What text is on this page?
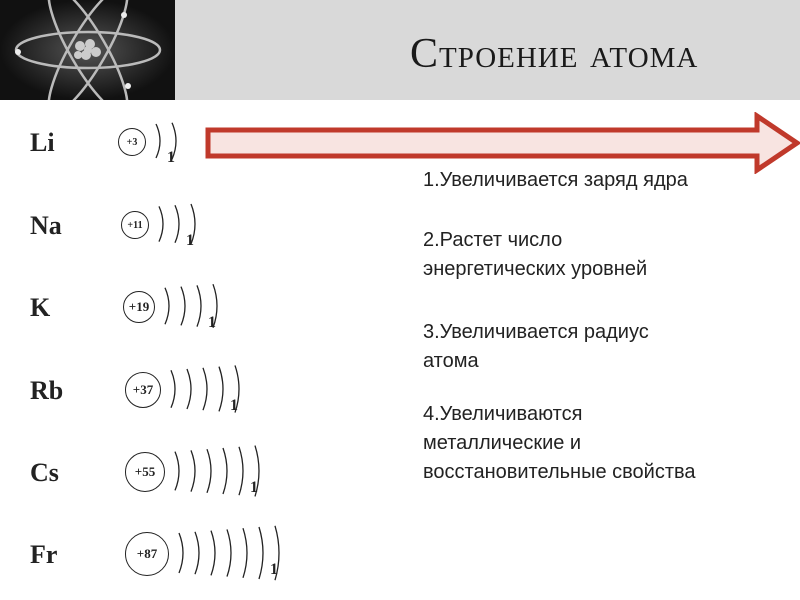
Строение атома
Li	+3
1
Na	+11
1
K	+19
1
Rb	+37
1
Cs	+55
1
Fr	+87
1
1.Увеличивается заряд ядра
2.Растет число
энергетических уровней
3.Увеличивается радиус
атома
4.Увеличиваются
металлические и
восстановительные свойства
